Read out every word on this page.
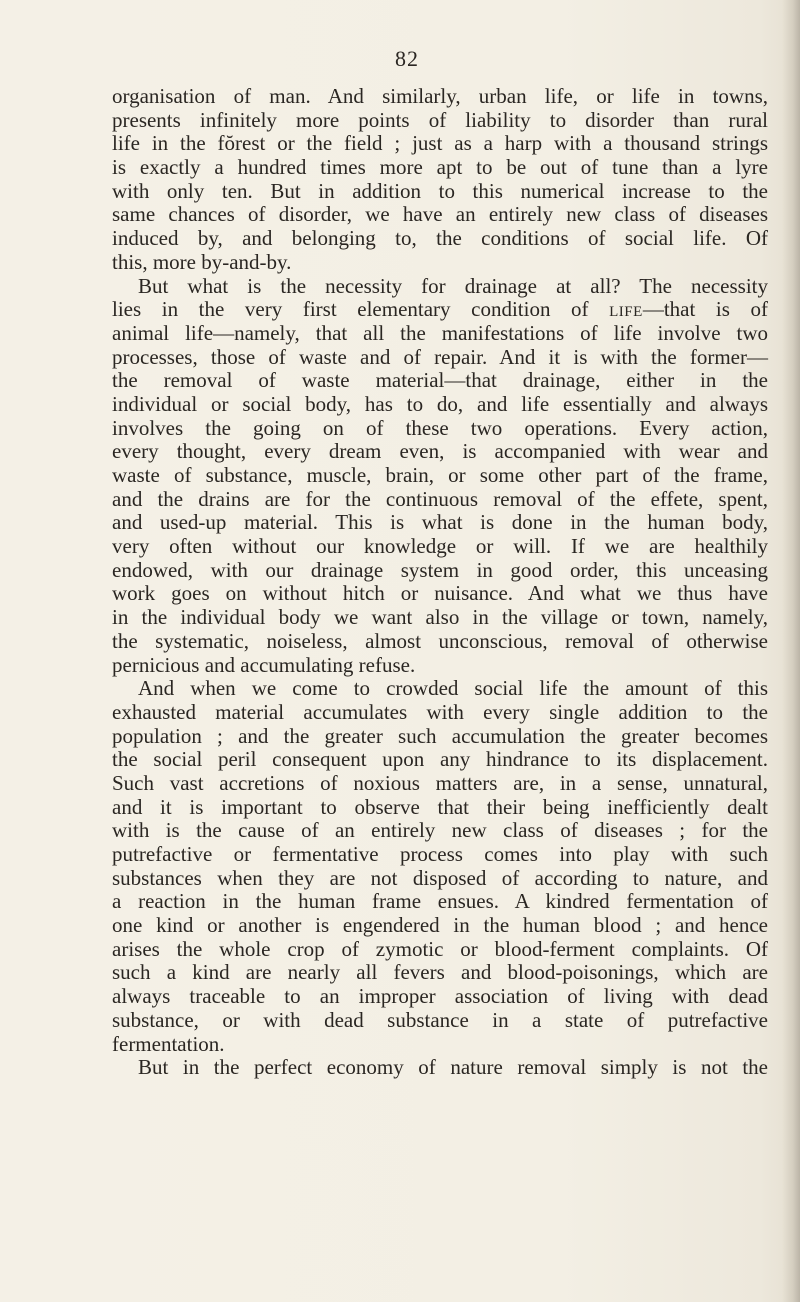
82
organisation of man. And similarly, urban life, or life in towns,
presents infinitely more points of liability to disorder than rural
life in the fŏrest or the field ; just as a harp with a thousand strings
is exactly a hundred times more apt to be out of tune than a lyre
with only ten. But in addition to this numerical increase to the
same chances of disorder, we have an entirely new class of diseases
induced by, and belonging to, the conditions of social life. Of
this, more by-and-by.
But what is the necessity for drainage at all? The necessity
lies in the very first elementary condition of life—that is of
animal life—namely, that all the manifestations of life involve two
processes, those of waste and of repair. And it is with the former—
the removal of waste material—that drainage, either in the
individual or social body, has to do, and life essentially and always
involves the going on of these two operations. Every action,
every thought, every dream even, is accompanied with wear and
waste of substance, muscle, brain, or some other part of the frame,
and the drains are for the continuous removal of the effete, spent,
and used-up material. This is what is done in the human body,
very often without our knowledge or will. If we are healthily
endowed, with our drainage system in good order, this unceasing
work goes on without hitch or nuisance. And what we thus have
in the individual body we want also in the village or town, namely,
the systematic, noiseless, almost unconscious, removal of otherwise
pernicious and accumulating refuse.
And when we come to crowded social life the amount of this
exhausted material accumulates with every single addition to the
population ; and the greater such accumulation the greater becomes
the social peril consequent upon any hindrance to its displacement.
Such vast accretions of noxious matters are, in a sense, unnatural,
and it is important to observe that their being inefficiently dealt
with is the cause of an entirely new class of diseases ; for the
putrefactive or fermentative process comes into play with such
substances when they are not disposed of according to nature, and
a reaction in the human frame ensues. A kindred fermentation of
one kind or another is engendered in the human blood ; and hence
arises the whole crop of zymotic or blood-ferment complaints. Of
such a kind are nearly all fevers and blood-poisonings, which are
always traceable to an improper association of living with dead
substance, or with dead substance in a state of putrefactive
fermentation.
But in the perfect economy of nature removal simply is not the
